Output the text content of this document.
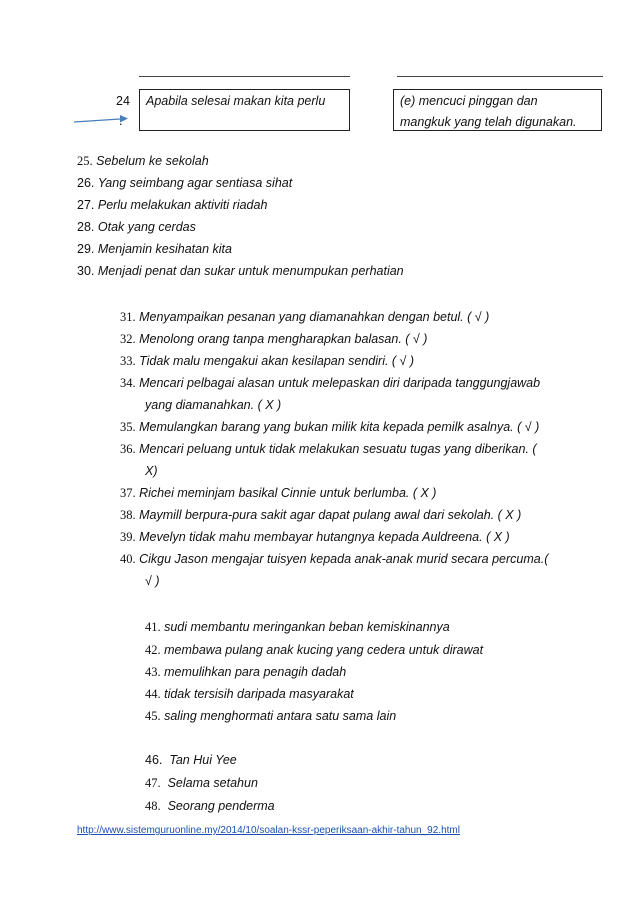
24	Apabila selesai makan kita perlu	(e) mencuci pinggan dan
mangkuk yang telah digunakan.
25. Sebelum ke sekolah
26. Yang seimbang agar sentiasa sihat
27. Perlu melakukan aktiviti riadah
28. Otak yang cerdas
29. Menjamin kesihatan kita
30. Menjadi penat dan sukar untuk menumpukan perhatian
31. Menyampaikan pesanan yang diamanahkan dengan betul. ( √ )
32. Menolong orang tanpa mengharapkan balasan. ( √ )
33. Tidak malu mengakui akan kesilapan sendiri. ( √ )
34. Mencari pelbagai alasan untuk melepaskan diri daripada tanggungjawab
yang diamanahkan. ( X )
35. Memulangkan barang yang bukan milik kita kepada pemilk asalnya. ( √ )
36. Mencari peluang untuk tidak melakukan sesuatu tugas yang diberikan. (
X)
37. Richei meminjam basikal Cinnie untuk berlumba. ( X )
38. Maymill berpura-pura sakit agar dapat pulang awal dari sekolah. ( X )
39. Mevelyn tidak mahu membayar hutangnya kepada Auldreena. ( X )
40. Cikgu Jason mengajar tuisyen kepada anak-anak murid secara percuma.(
√ )
41. sudi membantu meringankan beban kemiskinannya
42. membawa pulang anak kucing yang cedera untuk dirawat
43. memulihkan para penagih dadah
44. tidak tersisih daripada masyarakat
45. saling menghormati antara satu sama lain
46. Tan Hui Yee
47. Selama setahun
48. Seorang penderma
http://www.sistemguruonline.my/2014/10/soalan-kssr-peperiksaan-akhir-tahun_92.html
